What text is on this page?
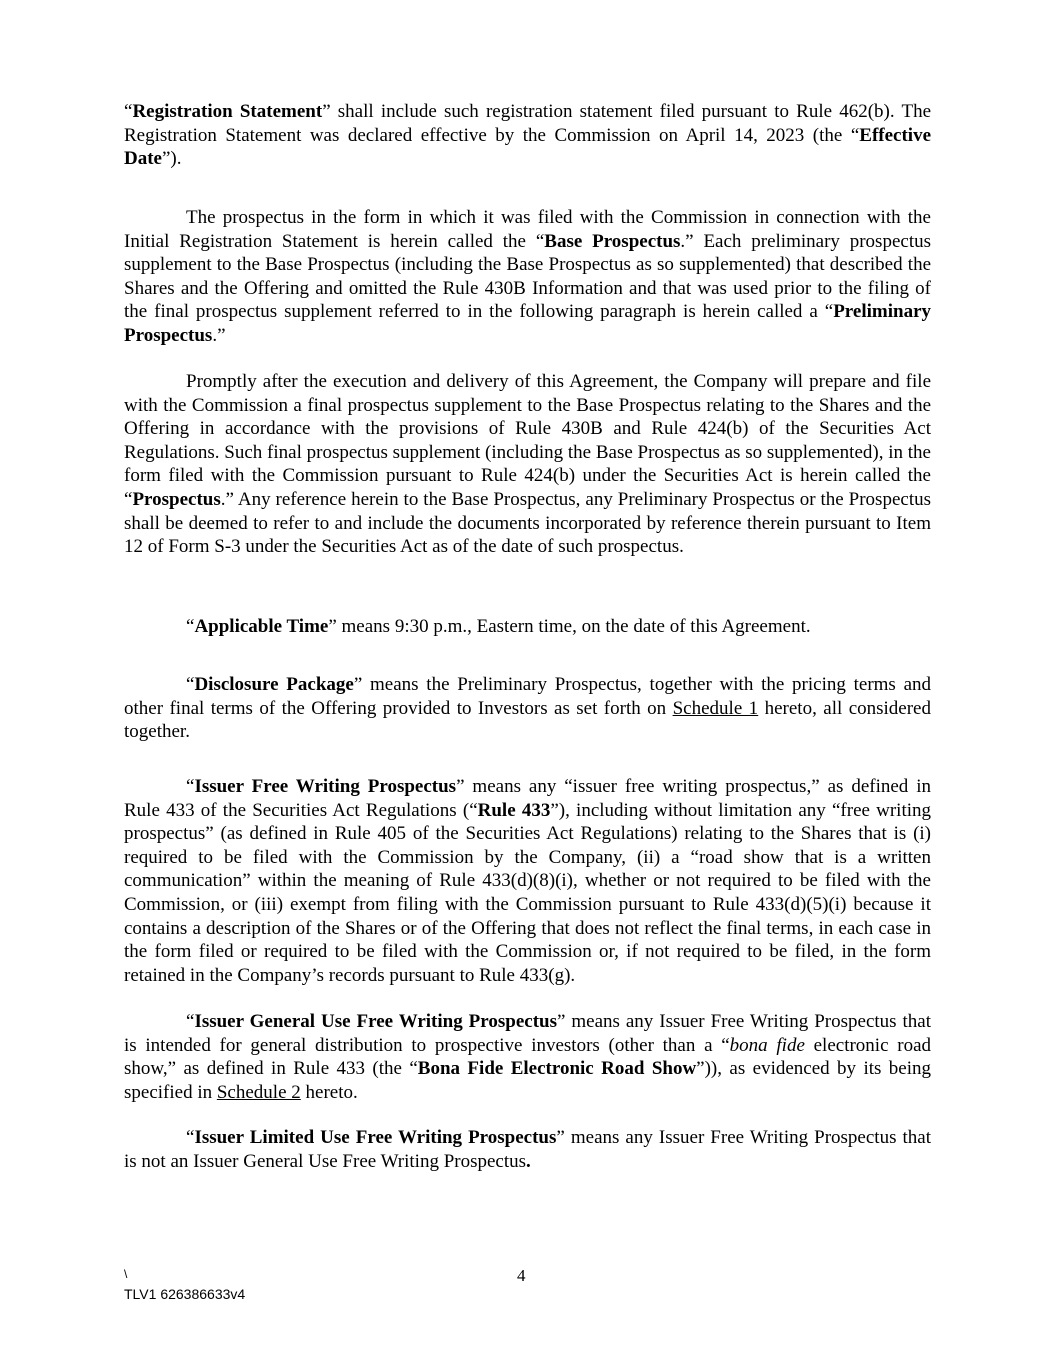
“Registration Statement” shall include such registration statement filed pursuant to Rule 462(b). The Registration Statement was declared effective by the Commission on April 14, 2023 (the “Effective Date”).

The prospectus in the form in which it was filed with the Commission in connection with the Initial Registration Statement is herein called the “Base Prospectus.” Each preliminary prospectus supplement to the Base Prospectus (including the Base Prospectus as so supplemented) that described the Shares and the Offering and omitted the Rule 430B Information and that was used prior to the filing of the final prospectus supplement referred to in the following paragraph is herein called a “Preliminary Prospectus.”

Promptly after the execution and delivery of this Agreement, the Company will prepare and file with the Commission a final prospectus supplement to the Base Prospectus relating to the Shares and the Offering in accordance with the provisions of Rule 430B and Rule 424(b) of the Securities Act Regulations. Such final prospectus supplement (including the Base Prospectus as so supplemented), in the form filed with the Commission pursuant to Rule 424(b) under the Securities Act is herein called the “Prospectus.” Any reference herein to the Base Prospectus, any Preliminary Prospectus or the Prospectus shall be deemed to refer to and include the documents incorporated by reference therein pursuant to Item 12 of Form S-3 under the Securities Act as of the date of such prospectus.

“Applicable Time” means 9:30 p.m., Eastern time, on the date of this Agreement.

“Disclosure Package” means the Preliminary Prospectus, together with the pricing terms and other final terms of the Offering provided to Investors as set forth on Schedule 1 hereto, all considered together.

“Issuer Free Writing Prospectus” means any “issuer free writing prospectus,” as defined in Rule 433 of the Securities Act Regulations (“Rule 433”), including without limitation any “free writing prospectus” (as defined in Rule 405 of the Securities Act Regulations) relating to the Shares that is (i) required to be filed with the Commission by the Company, (ii) a “road show that is a written communication” within the meaning of Rule 433(d)(8)(i), whether or not required to be filed with the Commission, or (iii) exempt from filing with the Commission pursuant to Rule 433(d)(5)(i) because it contains a description of the Shares or of the Offering that does not reflect the final terms, in each case in the form filed or required to be filed with the Commission or, if not required to be filed, in the form retained in the Company’s records pursuant to Rule 433(g).

“Issuer General Use Free Writing Prospectus” means any Issuer Free Writing Prospectus that is intended for general distribution to prospective investors (other than a “bona fide electronic road show,” as defined in Rule 433 (the “Bona Fide Electronic Road Show”)), as evidenced by its being specified in Schedule 2 hereto.

“Issuer Limited Use Free Writing Prospectus” means any Issuer Free Writing Prospectus that is not an Issuer General Use Free Writing Prospectus.

\	4
TLV1 626386633v4
